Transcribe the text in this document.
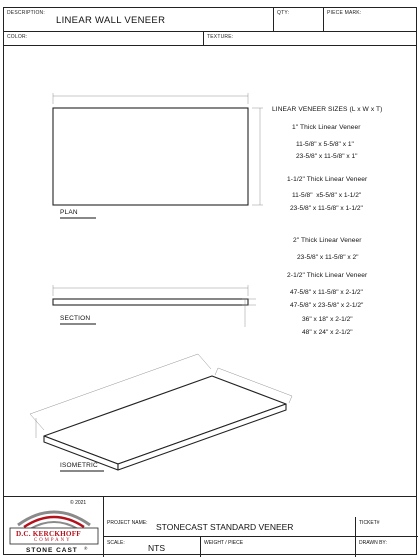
DESCRIPTION:
LINEAR WALL VENEER
QTY:	PIECE MARK:
COLOR:	TEXTURE:
PLAN
SECTION
ISOMETRIC
LINEAR VENEER SIZES (L x W x T)
1" Thick Linear Veneer
11-5/8" x 5-5/8" x 1"
23-5/8" x 11-5/8" x 1"
1-1/2" Thick Linear Veneer
11-5/8"  x5-5/8" x 1-1/2"
23-5/8" x 11-5/8" x 1-1/2"
2" Thick Linear Veneer
23-5/8" x 11-5/8" x 2"
2-1/2" Thick Linear Veneer
47-5/8" x 11-5/8" x 2-1/2"
47-5/8" x 23-5/8" x 2-1/2"
36" x 18" x 2-1/2"
48" x 24" x 2-1/2"
© 2021
D.C. KERCKHOFF
COMPANY
STONE CAST ®
PROJECT NAME: STONECAST STANDARD VENEER	TICKET#
SCALE:	NTS	WEIGHT / PIECE	DRAWN BY:
